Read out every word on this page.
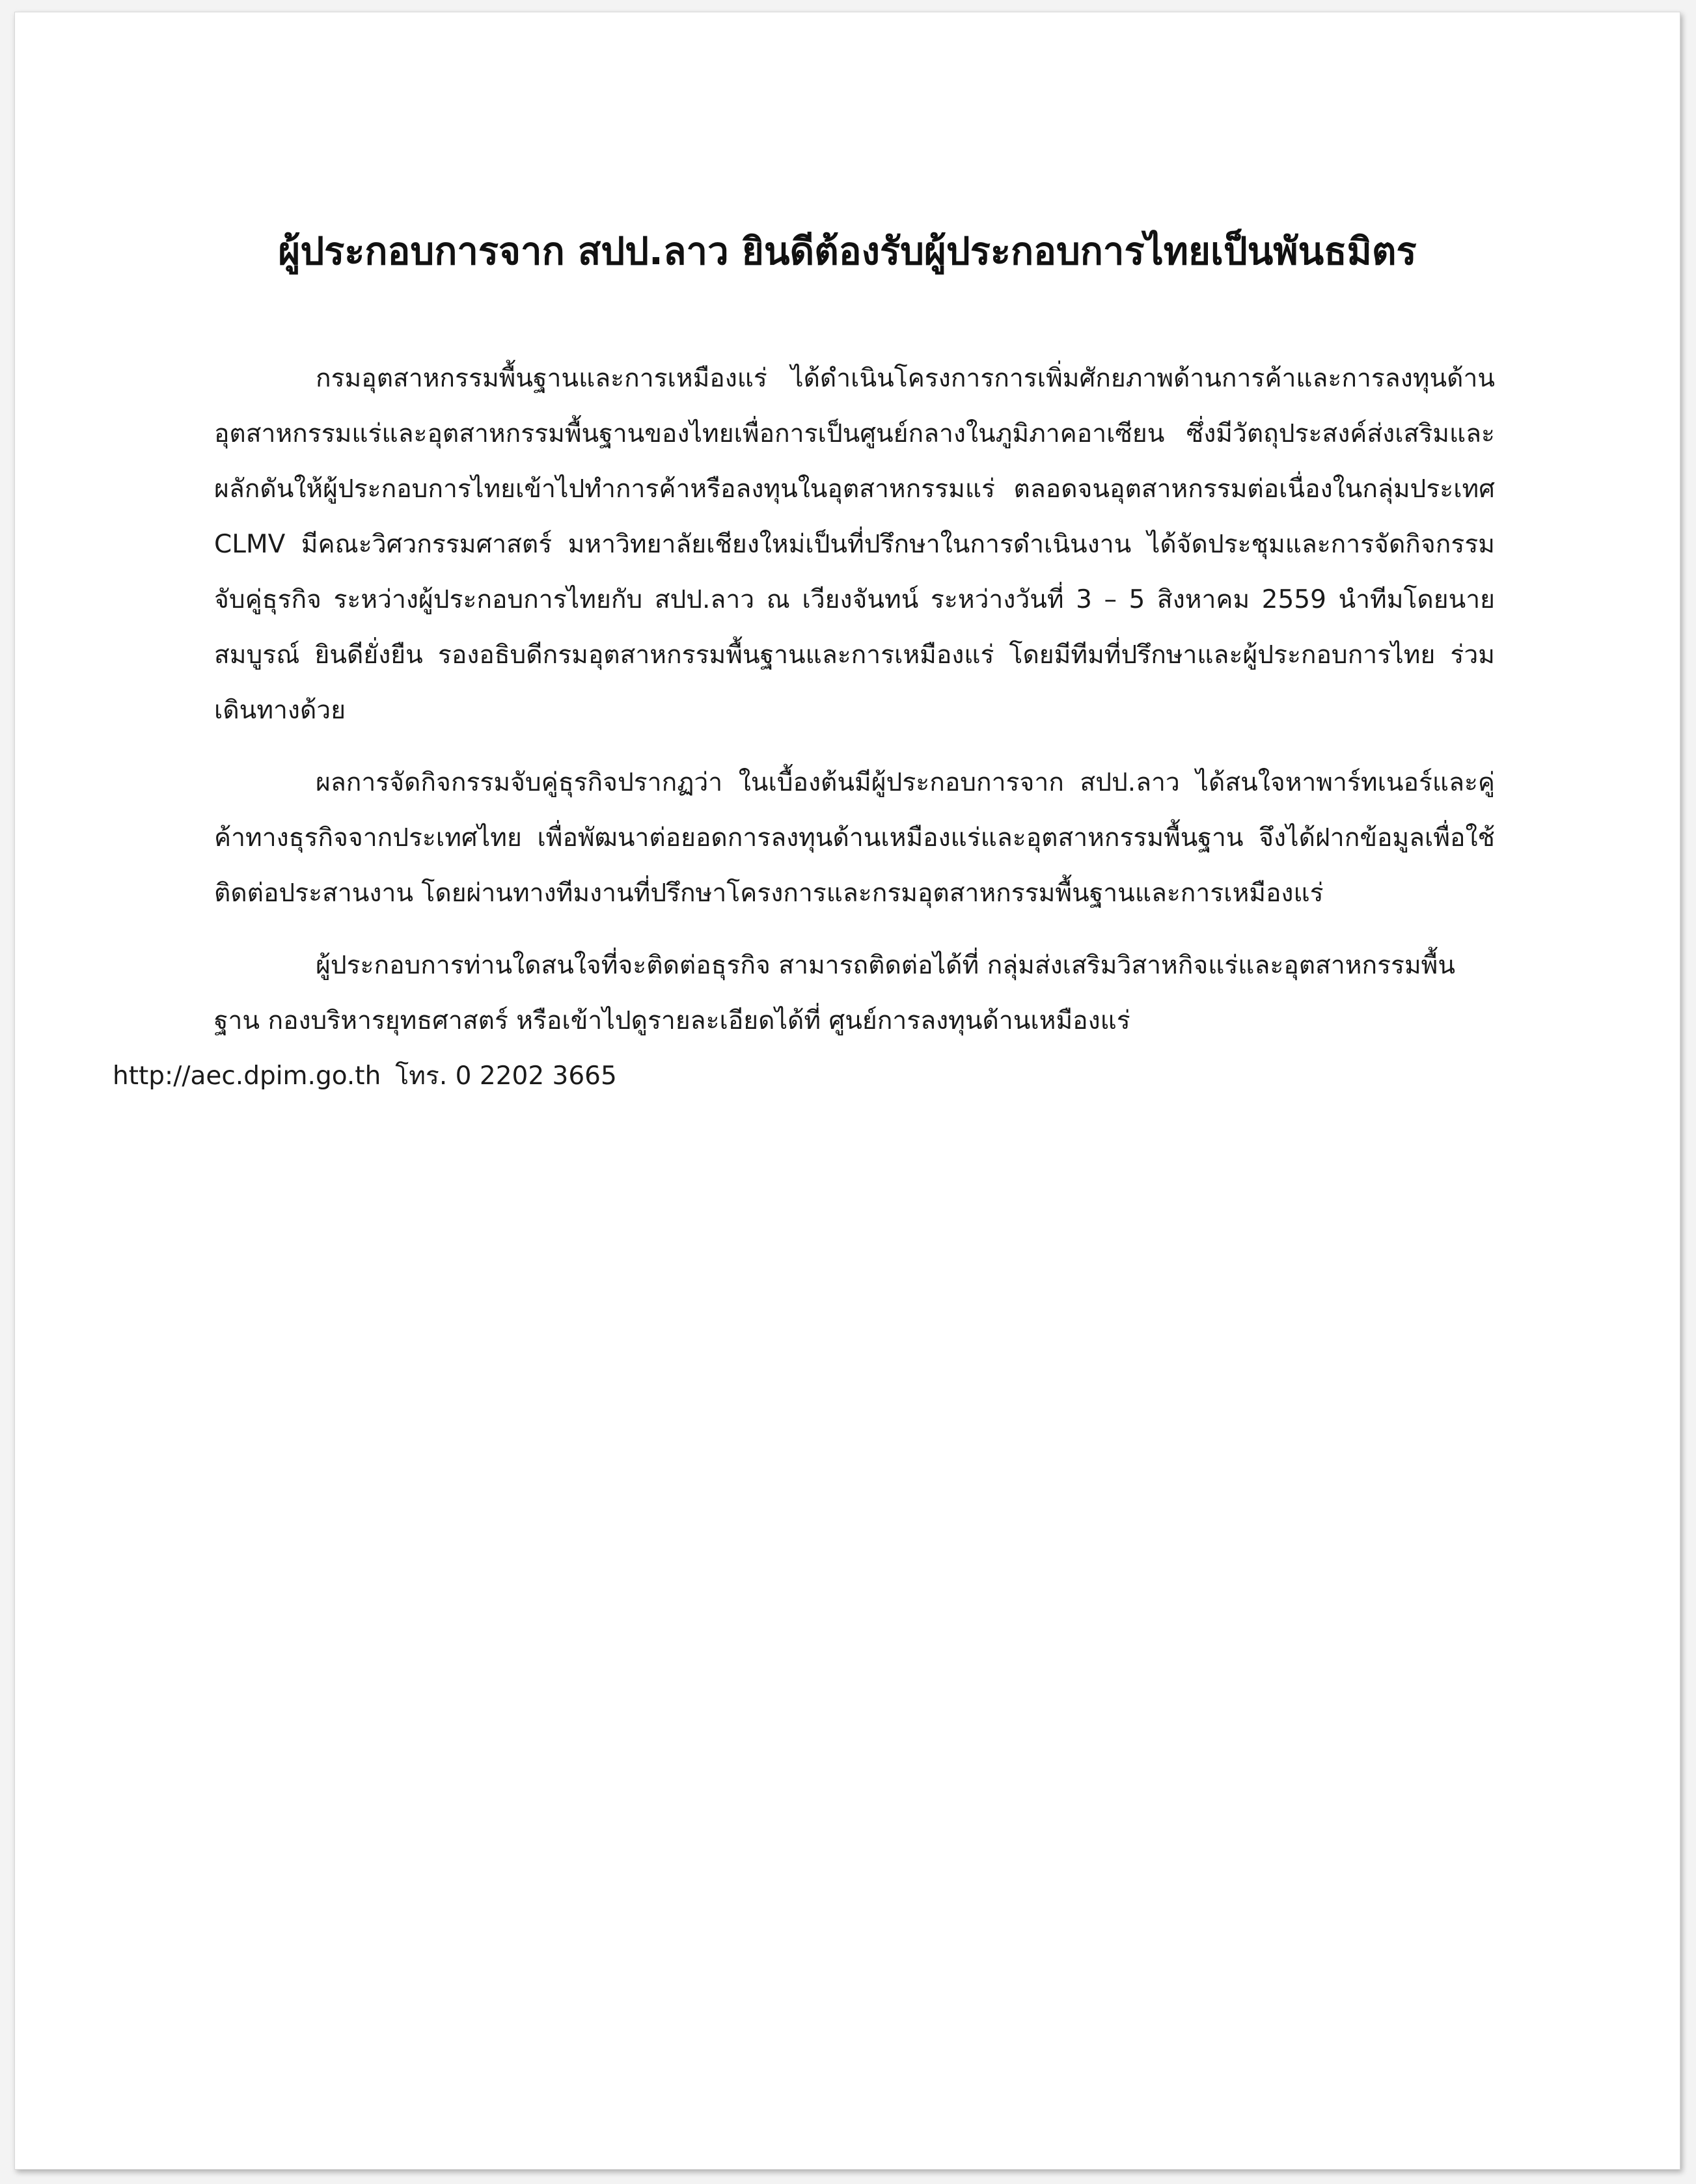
ผู้ประกอบการจาก สปป.ลาว ยินดีต้องรับผู้ประกอบการไทยเป็นพันธมิตร

กรมอุตสาหกรรมพื้นฐานและการเหมืองแร่ ได้ดำเนินโครงการการเพิ่มศักยภาพด้านการค้าและการลงทุนด้านอุตสาหกรรมแร่และอุตสาหกรรมพื้นฐานของไทยเพื่อการเป็นศูนย์กลางในภูมิภาคอาเซียน ซึ่งมีวัตถุประสงค์ส่งเสริมและผลักดันให้ผู้ประกอบการไทยเข้าไปทำการค้าหรือลงทุนในอุตสาหกรรมแร่ ตลอดจนอุตสาหกรรมต่อเนื่องในกลุ่มประเทศ CLMV มีคณะวิศวกรรมศาสตร์ มหาวิทยาลัยเชียงใหม่เป็นที่ปรึกษาในการดำเนินงาน ได้จัดประชุมและการจัดกิจกรรมจับคู่ธุรกิจ ระหว่างผู้ประกอบการไทยกับ สปป.ลาว ณ เวียงจันทน์ ระหว่างวันที่ 3 – 5 สิงหาคม 2559 นำทีมโดยนายสมบูรณ์ ยินดียั่งยืน รองอธิบดีกรมอุตสาหกรรมพื้นฐานและการเหมืองแร่ โดยมีทีมที่ปรึกษาและผู้ประกอบการไทย ร่วมเดินทางด้วย

ผลการจัดกิจกรรมจับคู่ธุรกิจปรากฏว่า ในเบื้องต้นมีผู้ประกอบการจาก สปป.ลาว ได้สนใจหาพาร์ทเนอร์และคู่ค้าทางธุรกิจจากประเทศไทย เพื่อพัฒนาต่อยอดการลงทุนด้านเหมืองแร่และอุตสาหกรรมพื้นฐาน จึงได้ฝากข้อมูลเพื่อใช้ติดต่อประสานงาน โดยผ่านทางทีมงานที่ปรึกษาโครงการและกรมอุตสาหกรรมพื้นฐานและการเหมืองแร่

ผู้ประกอบการท่านใดสนใจที่จะติดต่อธุรกิจ สามารถติดต่อได้ที่ กลุ่มส่งเสริมวิสาหกิจแร่และอุตสาหกรรมพื้นฐาน กองบริหารยุทธศาสตร์ หรือเข้าไปดูรายละเอียดได้ที่ ศูนย์การลงทุนด้านเหมืองแร่
http://aec.dpim.go.th โทร. 0 2202 3665
